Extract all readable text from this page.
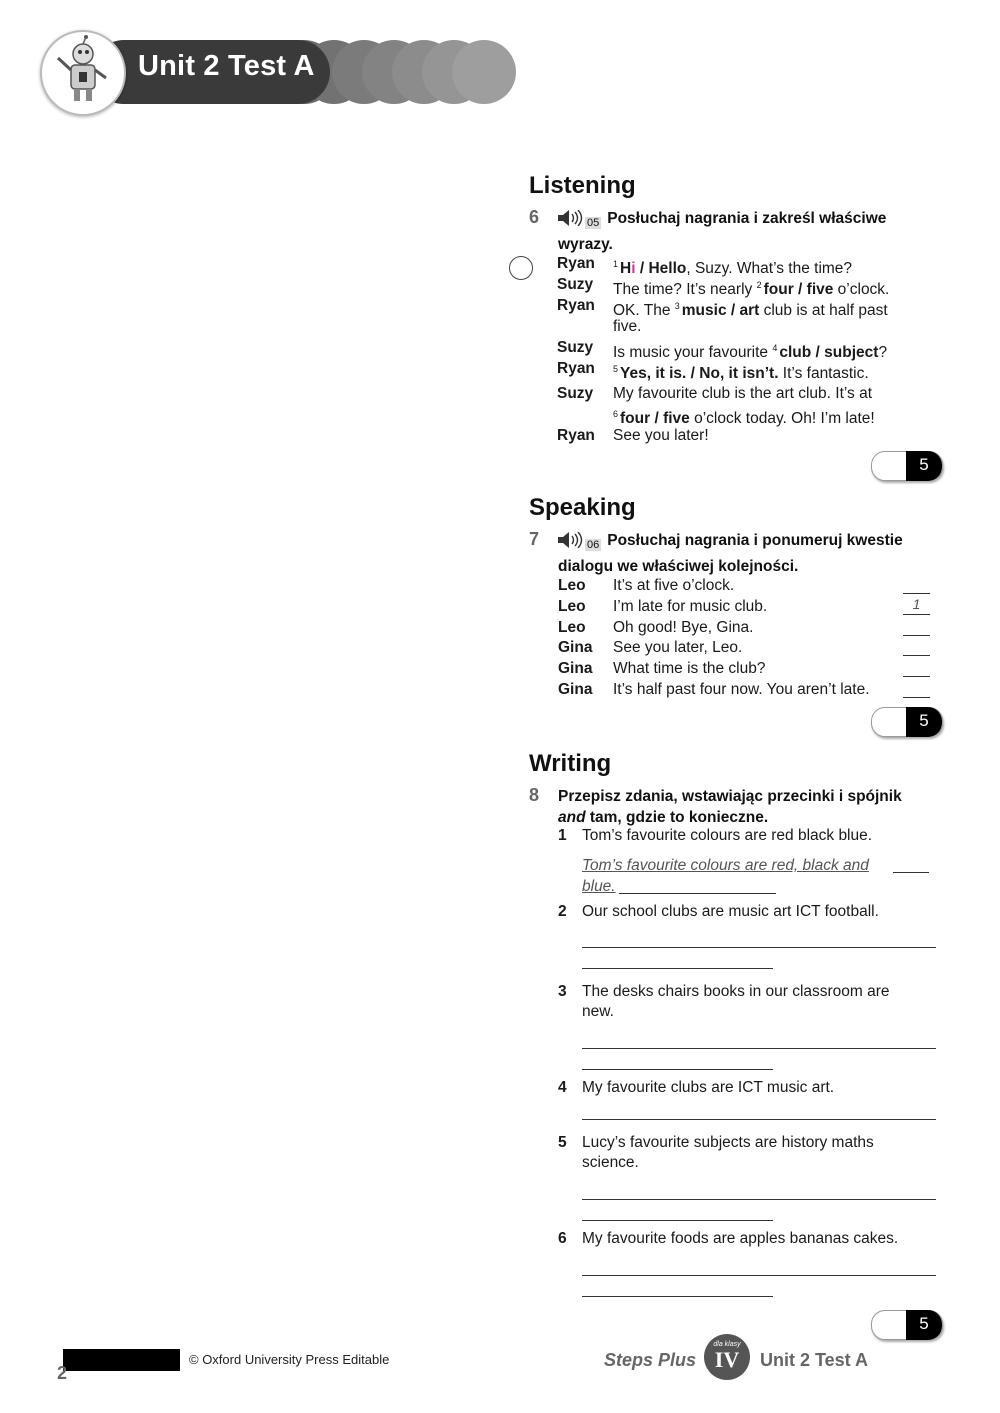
Unit 2 Test A
Listening
6	05 Posłuchaj nagrania i zakreśl właściwe wyrazy.
Ryan $^1$ Hi / Hello, Suzy. What’s the time?
Suzy The time? It’s nearly $^2$ four / five o’clock.
Ryan OK. The $^3$ music / art club is at half past
five.
Suzy Is music your favourite $^4$ club / subject?
Ryan $^5$ Yes, it is. / No, it isn’t. It’s fantastic.
Suzy My favourite club is the art club. It’s at
$^6$ four / five o’clock today. Oh! I’m late!
Ryan See you later!
5
Speaking
7	06 Posłuchaj nagrania i ponumeruj kwestie dialogu we właściwej kolejności.
Leo It’s at five o’clock.
Leo I’m late for music club.	1
Leo Oh good! Bye, Gina.
Gina See you later, Leo.
Gina What time is the club?
Gina It’s half past four now. You aren’t late.
5
Writing
8 Przepisz zdania, wstawiając przecinki i spójnik
and tam, gdzie to konieczne.
1 Tom’s favourite colours are red black blue.
Tom’s favourite colours are red, black and
blue.
2 Our school clubs are music art ICT football.
3 The desks chairs books in our classroom are new.
4 My favourite clubs are ICT music art.
5 Lucy’s favourite subjects are history maths science.
6 My favourite foods are apples bananas cakes.
5
2
© Oxford University Press Editable	Steps Plus
dla klasy
IV	Unit 2 Test A
